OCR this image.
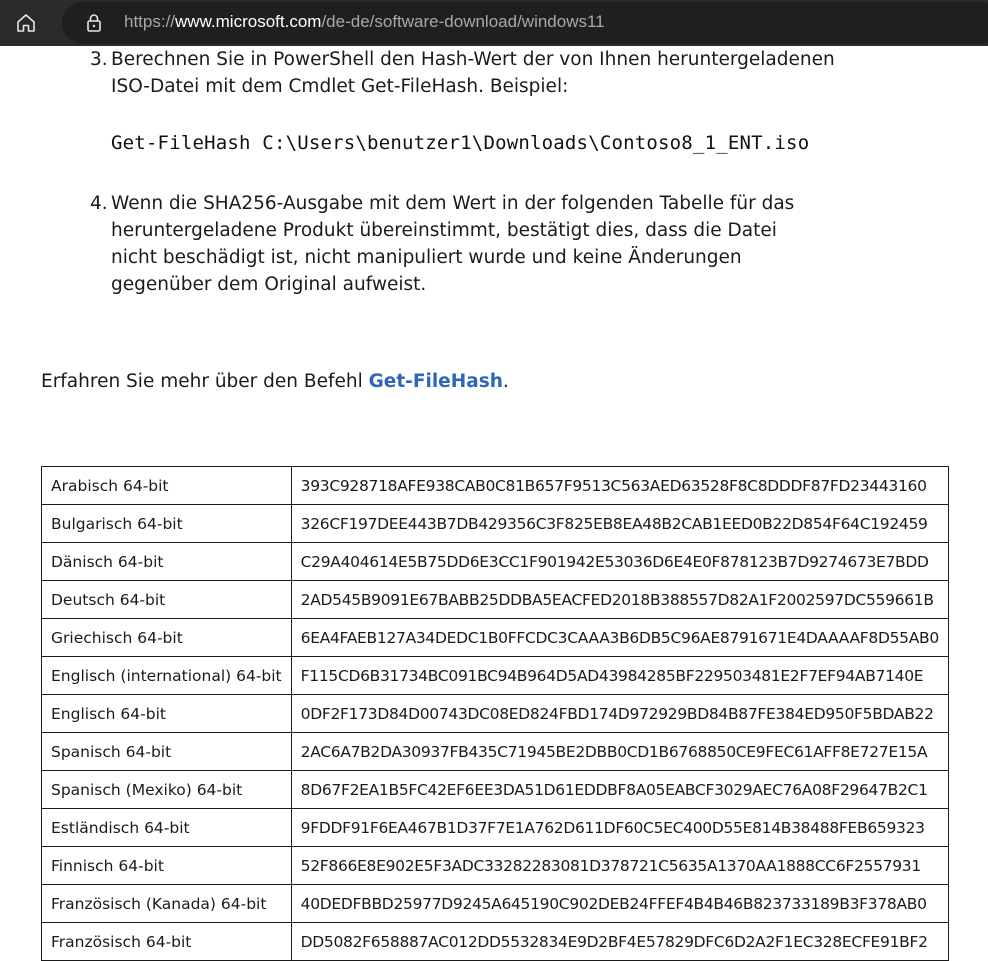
https://www.microsoft.com/de-de/software-download/windows11
3. Berechnen Sie in PowerShell den Hash-Wert der von Ihnen heruntergeladenen ISO-Datei mit dem Cmdlet Get-FileHash. Beispiel:
Get-FileHash C:\Users\benutzer1\Downloads\Contoso8_1_ENT.iso
4. Wenn die SHA256-Ausgabe mit dem Wert in der folgenden Tabelle für das heruntergeladene Produkt übereinstimmt, bestätigt dies, dass die Datei nicht beschädigt ist, nicht manipuliert wurde und keine Änderungen gegenüber dem Original aufweist.
Erfahren Sie mehr über den Befehl Get-FileHash.
Arabisch 64-bit	393C928718AFE938CAB0C81B657F9513C563AED63528F8C8DDDF87FD23443160
Bulgarisch 64-bit	326CF197DEE443B7DB429356C3F825EB8EA48B2CAB1EED0B22D854F64C192459
Dänisch 64-bit	C29A404614E5B75DD6E3CC1F901942E53036D6E4E0F878123B7D9274673E7BDD
Deutsch 64-bit	2AD545B9091E67BABB25DDBA5EACFED2018B388557D82A1F2002597DC559661B
Griechisch 64-bit	6EA4FAEB127A34DEDC1B0FFCDC3CAAA3B6DB5C96AE8791671E4DAAAAF8D55AB0
Englisch (international) 64-bit	F115CD6B31734BC091BC94B964D5AD43984285BF229503481E2F7EF94AB7140E
Englisch 64-bit	0DF2F173D84D00743DC08ED824FBD174D972929BD84B87FE384ED950F5BDAB22
Spanisch 64-bit	2AC6A7B2DA30937FB435C71945BE2DBB0CD1B6768850CE9FEC61AFF8E727E15A
Spanisch (Mexiko) 64-bit	8D67F2EA1B5FC42EF6EE3DA51D61EDDBF8A05EABCF3029AEC76A08F29647B2C1
Estländisch 64-bit	9FDDF91F6EA467B1D37F7E1A762D611DF60C5EC400D55E814B38488FEB659323
Finnisch 64-bit	52F866E8E902E5F3ADC33282283081D378721C5635A1370AA1888CC6F2557931
Französisch (Kanada) 64-bit	40DEDFBBD25977D9245A645190C902DEB24FFEF4B4B46B823733189B3F378AB0
Französisch 64-bit	DD5082F658887AC012DD5532834E9D2BF4E57829DFC6D2A2F1EC328ECFE91BF2
